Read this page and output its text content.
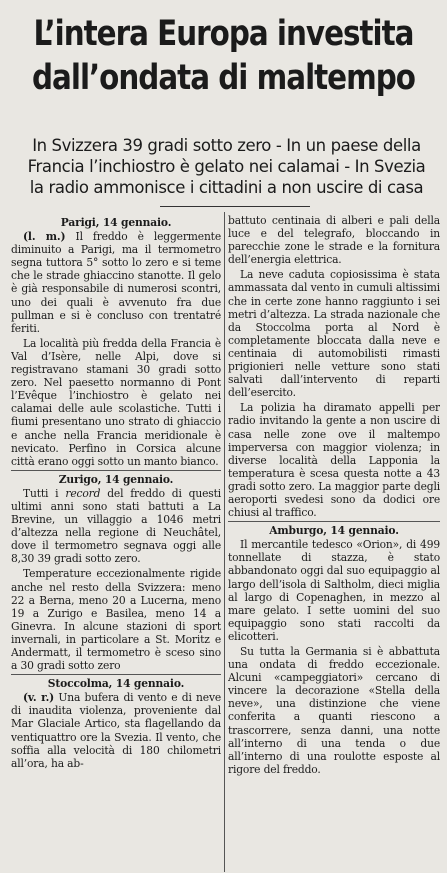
L’intera Europa investita
dall’ondata di maltempo
In Svizzera 39 gradi sotto zero - In un paese della
Francia l’inchiostro è gelato nei calamai - In Svezia
la radio ammonisce i cittadini a non uscire di casa

Parigi, 14 gennaio.

(l. m.) Il freddo è leggermente diminuito a Parigi, ma il termometro segna tuttora 5° sotto lo zero e si teme che le strade ghiaccino stanotte. Il gelo è già responsabile di numerosi scontri, uno dei quali è avvenuto fra due pullman e si è concluso con trentatré feriti.

La località più fredda della Francia è Val d’Isère, nelle Alpi, dove si registravano stamani 30 gradi sotto zero. Nel paesetto normanno di Pont l’Evêque l’inchiostro è gelato nei calamai delle aule scolastiche. Tutti i fiumi presentano uno strato di ghiaccio e anche nella Francia meridionale è nevicato. Perfino in Corsica alcune città erano oggi sotto un manto bianco.

Zurigo, 14 gennaio.

Tutti i record del freddo di questi ultimi anni sono stati battuti a La Brevine, un villaggio a 1046 metri d’altezza nella regione di Neuchâtel, dove il termometro segnava oggi alle 8,30 39 gradi sotto zero.

Temperature eccezionalmente rigide anche nel resto della Svizzera: meno 22 a Berna, meno 20 a Lucerna, meno 19 a Zurigo e Basilea, meno 14 a Ginevra. In alcune stazioni di sport invernali, in particolare a St. Moritz e Andermatt, il termometro è sceso sino a 30 gradi sotto zero

Stoccolma, 14 gennaio.

(v. r.) Una bufera di vento e di neve di inaudita violenza, proveniente dal Mar Glaciale Artico, sta flagellando da ventiquattro ore la Svezia. Il vento, che soffia alla velocità di 180 chilometri all’ora, ha ab-

battuto centinaia di alberi e pali della luce e del telegrafo, bloccando in parecchie zone le strade e la fornitura dell’energia elettrica.

La neve caduta copiosissima è stata ammassata dal vento in cumuli altissimi che in certe zone hanno raggiunto i sei metri d’altezza. La strada nazionale che da Stoccolma porta al Nord è completamente bloccata dalla neve e centinaia di automobilisti rimasti prigionieri nelle vetture sono stati salvati dall’intervento di reparti dell’esercito.

La polizia ha diramato appelli per radio invitando la gente a non uscire di casa nelle zone ove il maltempo imperversa con maggior violenza; in diverse località della Lapponia la temperatura è scesa questa notte a 43 gradi sotto zero. La maggior parte degli aeroporti svedesi sono da dodici ore chiusi al traffico.

Amburgo, 14 gennaio.

Il mercantile tedesco «Orion», di 499 tonnellate di stazza, è stato abbandonato oggi dal suo equipaggio al largo dell’isola di Saltholm, dieci miglia al largo di Copenaghen, in mezzo al mare gelato. I sette uomini del suo equipaggio sono stati raccolti da elicotteri.

Su tutta la Germania si è abbattuta una ondata di freddo eccezionale. Alcuni «campeggiatori» cercano di vincere la decorazione «Stella della neve», una distinzione che viene conferita a quanti riescono a trascorrere, senza danni, una notte all’interno di una tenda o due all’interno di una roulotte esposte al rigore del freddo.
